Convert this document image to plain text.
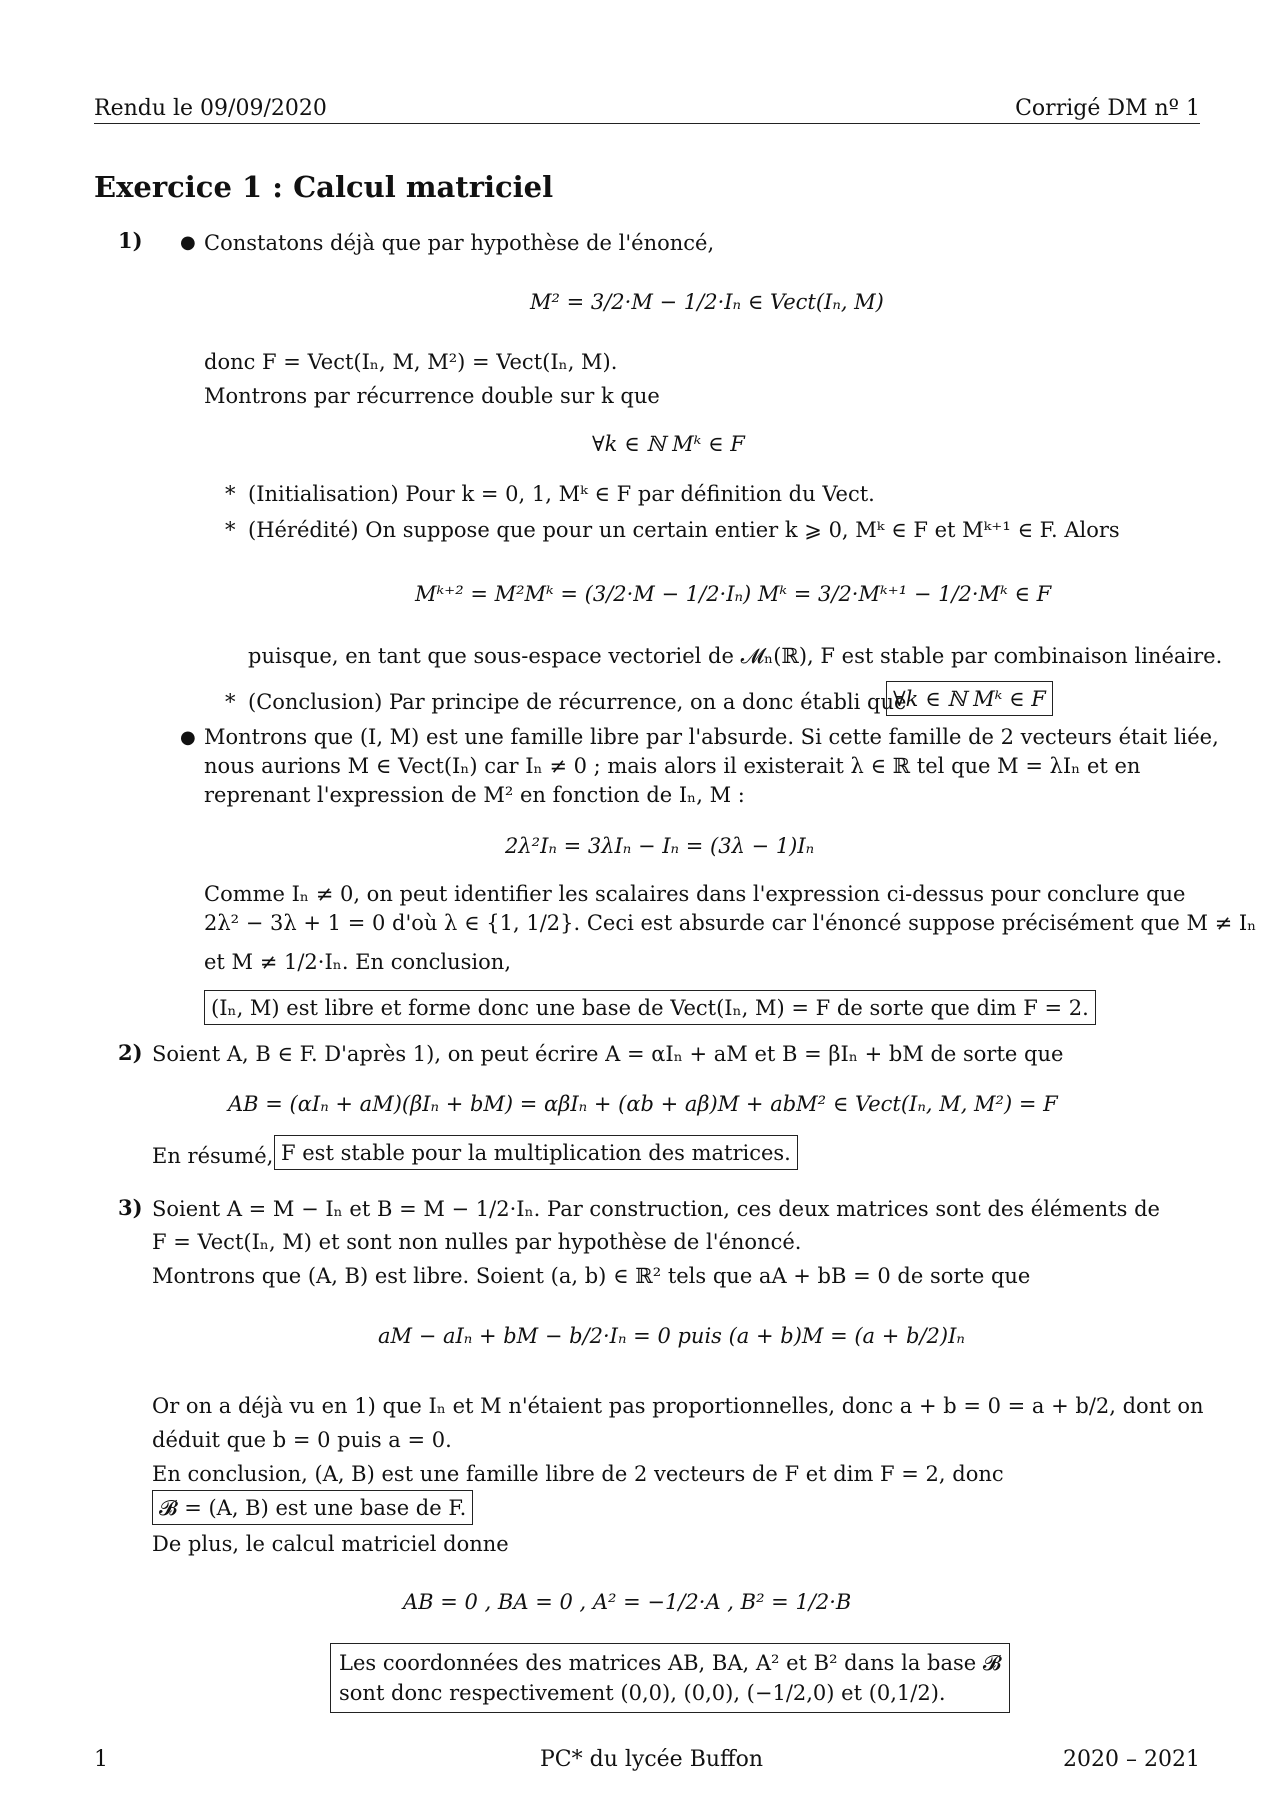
Rendu le 09/09/2020	Corrigé DM nº 1
Exercice 1 : Calcul matriciel
1) ● Constatons déjà que par hypothèse de l'énoncé,
M² = 3/2·M − 1/2·Iₙ ∈ Vect(Iₙ, M)
donc F = Vect(Iₙ, M, M²) = Vect(Iₙ, M).
Montrons par récurrence double sur k que
∀k ∈ ℕ Mᵏ ∈ F
* (Initialisation) Pour k = 0, 1, Mᵏ ∈ F par définition du Vect.
* (Hérédité) On suppose que pour un certain entier k ⩾ 0, Mᵏ ∈ F et Mᵏ⁺¹ ∈ F. Alors
Mᵏ⁺² = M²Mᵏ = (3/2·M − 1/2·Iₙ) Mᵏ = 3/2·Mᵏ⁺¹ − 1/2·Mᵏ ∈ F
puisque, en tant que sous-espace vectoriel de 𝓜ₙ(ℝ), F est stable par combinaison linéaire.
* (Conclusion) Par principe de récurrence, on a donc établi que
∀k ∈ ℕ Mᵏ ∈ F
● Montrons que (I, M) est une famille libre par l'absurde. Si cette famille de 2 vecteurs était liée,
nous aurions M ∈ Vect(Iₙ) car Iₙ ≠ 0 ; mais alors il existerait λ ∈ ℝ tel que M = λIₙ et en
reprenant l'expression de M² en fonction de Iₙ, M :
2λ²Iₙ = 3λIₙ − Iₙ = (3λ − 1)Iₙ
Comme Iₙ ≠ 0, on peut identifier les scalaires dans l'expression ci-dessus pour conclure que
2λ² − 3λ + 1 = 0 d'où λ ∈ {1, 1/2}. Ceci est absurde car l'énoncé suppose précisément que M ≠ Iₙ
et M ≠ 1/2·Iₙ. En conclusion,
(Iₙ, M) est libre et forme donc une base de Vect(Iₙ, M) = F de sorte que dim F = 2.
2) Soient A, B ∈ F. D'après 1), on peut écrire A = αIₙ + aM et B = βIₙ + bM de sorte que
AB = (αIₙ + aM)(βIₙ + bM) = αβIₙ + (αb + aβ)M + abM² ∈ Vect(Iₙ, M, M²) = F
En résumé, F est stable pour la multiplication des matrices.
3) Soient A = M − Iₙ et B = M − 1/2·Iₙ. Par construction, ces deux matrices sont des éléments de
F = Vect(Iₙ, M) et sont non nulles par hypothèse de l'énoncé.
Montrons que (A, B) est libre. Soient (a, b) ∈ ℝ² tels que aA + bB = 0 de sorte que
aM − aIₙ + bM − b/2·Iₙ = 0 puis (a + b)M = (a + b/2)Iₙ
Or on a déjà vu en 1) que Iₙ et M n'étaient pas proportionnelles, donc a + b = 0 = a + b/2, dont on
déduit que b = 0 puis a = 0.
En conclusion, (A, B) est une famille libre de 2 vecteurs de F et dim F = 2, donc
𝓑 = (A, B) est une base de F.
De plus, le calcul matriciel donne
AB = 0 , BA = 0 , A² = −1/2·A , B² = 1/2·B
Les coordonnées des matrices AB, BA, A² et B² dans la base 𝓑
sont donc respectivement (0,0), (0,0), (−1/2,0) et (0,1/2).
1	PC* du lycée Buffon	2020 – 2021
